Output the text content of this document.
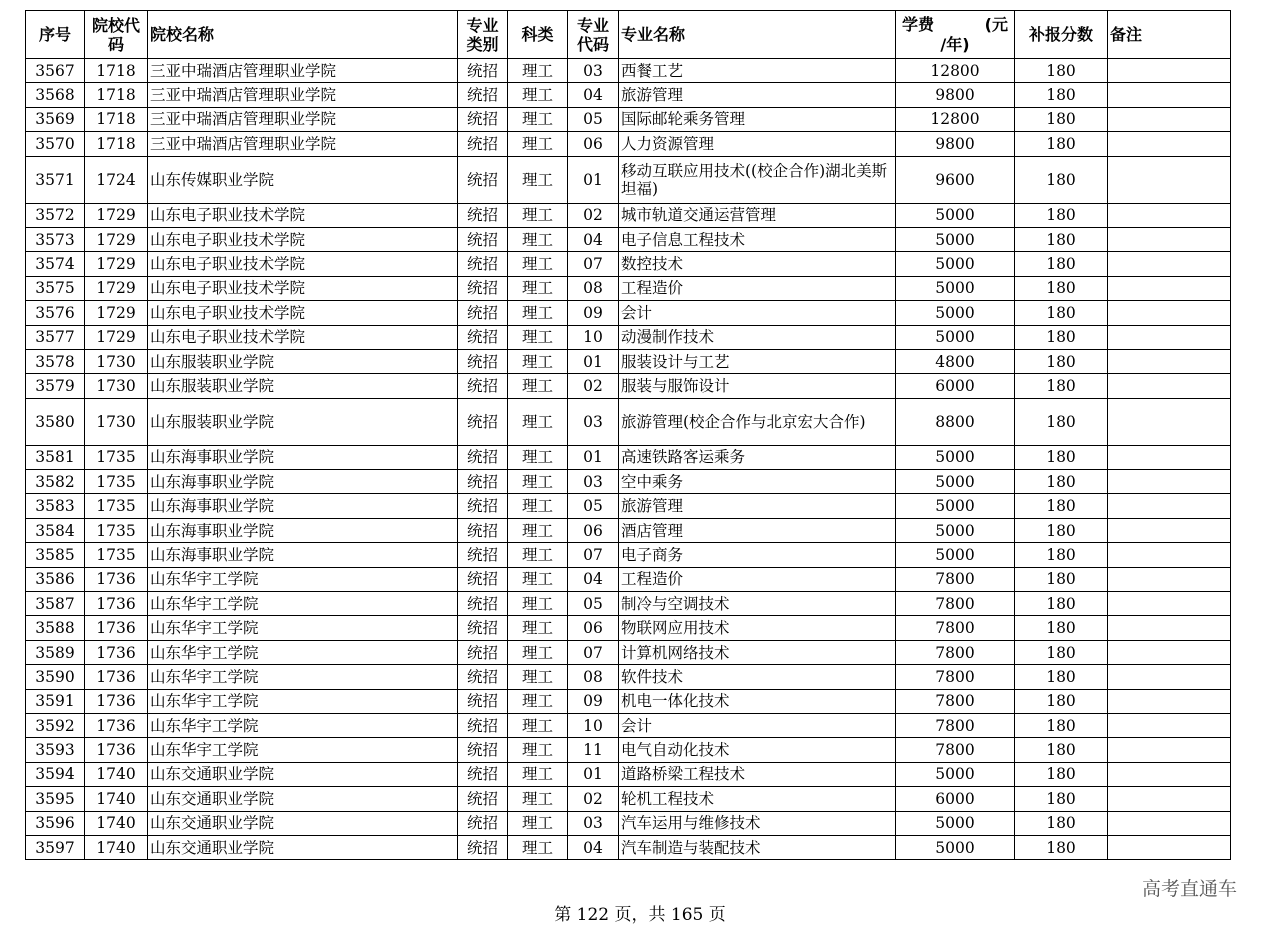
序号	院校代码	院校名称	专业类别	科类	专业代码	专业名称	学费 (元
/年)	补报分数	备注
3567	1718	三亚中瑞酒店管理职业学院	统招	理工	03	西餐工艺	12800	180	
3568	1718	三亚中瑞酒店管理职业学院	统招	理工	04	旅游管理	9800	180	
3569	1718	三亚中瑞酒店管理职业学院	统招	理工	05	国际邮轮乘务管理	12800	180	
3570	1718	三亚中瑞酒店管理职业学院	统招	理工	06	人力资源管理	9800	180	
3571	1724	山东传媒职业学院	统招	理工	01	移动互联应用技术((校企合作)湖北美斯坦福)	9600	180	
3572	1729	山东电子职业技术学院	统招	理工	02	城市轨道交通运营管理	5000	180	
3573	1729	山东电子职业技术学院	统招	理工	04	电子信息工程技术	5000	180	
3574	1729	山东电子职业技术学院	统招	理工	07	数控技术	5000	180	
3575	1729	山东电子职业技术学院	统招	理工	08	工程造价	5000	180	
3576	1729	山东电子职业技术学院	统招	理工	09	会计	5000	180	
3577	1729	山东电子职业技术学院	统招	理工	10	动漫制作技术	5000	180	
3578	1730	山东服装职业学院	统招	理工	01	服装设计与工艺	4800	180	
3579	1730	山东服装职业学院	统招	理工	02	服装与服饰设计	6000	180	
3580	1730	山东服装职业学院	统招	理工	03	旅游管理(校企合作与北京宏大合作)	8800	180	
3581	1735	山东海事职业学院	统招	理工	01	高速铁路客运乘务	5000	180	
3582	1735	山东海事职业学院	统招	理工	03	空中乘务	5000	180	
3583	1735	山东海事职业学院	统招	理工	05	旅游管理	5000	180	
3584	1735	山东海事职业学院	统招	理工	06	酒店管理	5000	180	
3585	1735	山东海事职业学院	统招	理工	07	电子商务	5000	180	
3586	1736	山东华宇工学院	统招	理工	04	工程造价	7800	180	
3587	1736	山东华宇工学院	统招	理工	05	制冷与空调技术	7800	180	
3588	1736	山东华宇工学院	统招	理工	06	物联网应用技术	7800	180	
3589	1736	山东华宇工学院	统招	理工	07	计算机网络技术	7800	180	
3590	1736	山东华宇工学院	统招	理工	08	软件技术	7800	180	
3591	1736	山东华宇工学院	统招	理工	09	机电一体化技术	7800	180	
3592	1736	山东华宇工学院	统招	理工	10	会计	7800	180	
3593	1736	山东华宇工学院	统招	理工	11	电气自动化技术	7800	180	
3594	1740	山东交通职业学院	统招	理工	01	道路桥梁工程技术	5000	180	
3595	1740	山东交通职业学院	统招	理工	02	轮机工程技术	6000	180	
3596	1740	山东交通职业学院	统招	理工	03	汽车运用与维修技术	5000	180	
3597	1740	山东交通职业学院	统招	理工	04	汽车制造与装配技术	5000	180	
高考直通车
第 122 页，共 165 页
